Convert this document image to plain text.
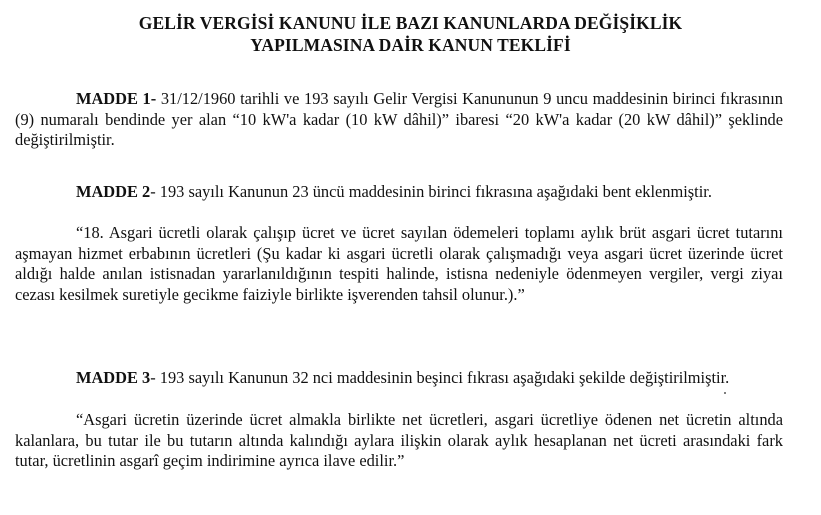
GELİR VERGİSİ KANUNU İLE BAZI KANUNLARDA DEĞİŞİKLİK
YAPILMASINA DAİR KANUN TEKLİFİ
MADDE 1- 31/12/1960 tarihli ve 193 sayılı Gelir Vergisi Kanununun 9 uncu maddesinin birinci fıkrasının (9) numaralı bendinde yer alan “10 kW'a kadar (10 kW dâhil)” ibaresi “20 kW'a kadar (20 kW dâhil)” şeklinde değiştirilmiştir.
MADDE 2- 193 sayılı Kanunun 23 üncü maddesinin birinci fıkrasına aşağıdaki bent eklenmiştir.
“18. Asgari ücretli olarak çalışıp ücret ve ücret sayılan ödemeleri toplamı aylık brüt asgari ücret tutarını aşmayan hizmet erbabının ücretleri (Şu kadar ki asgari ücretli olarak çalışmadığı veya asgari ücret üzerinde ücret aldığı halde anılan istisnadan yararlanıldığının tespiti halinde, istisna nedeniyle ödenmeyen vergiler, vergi ziyaı cezası kesilmek suretiyle gecikme faiziyle birlikte işverenden tahsil olunur.).”
MADDE 3- 193 sayılı Kanunun 32 nci maddesinin beşinci fıkrası aşağıdaki şekilde değiştirilmiştir.
“Asgari ücretin üzerinde ücret almakla birlikte net ücretleri, asgari ücretliye ödenen net ücretin altında kalanlara, bu tutar ile bu tutarın altında kalındığı aylara ilişkin olarak aylık hesaplanan net ücreti arasındaki fark tutar, ücretlinin asgarî geçim indirimine ayrıca ilave edilir.”
